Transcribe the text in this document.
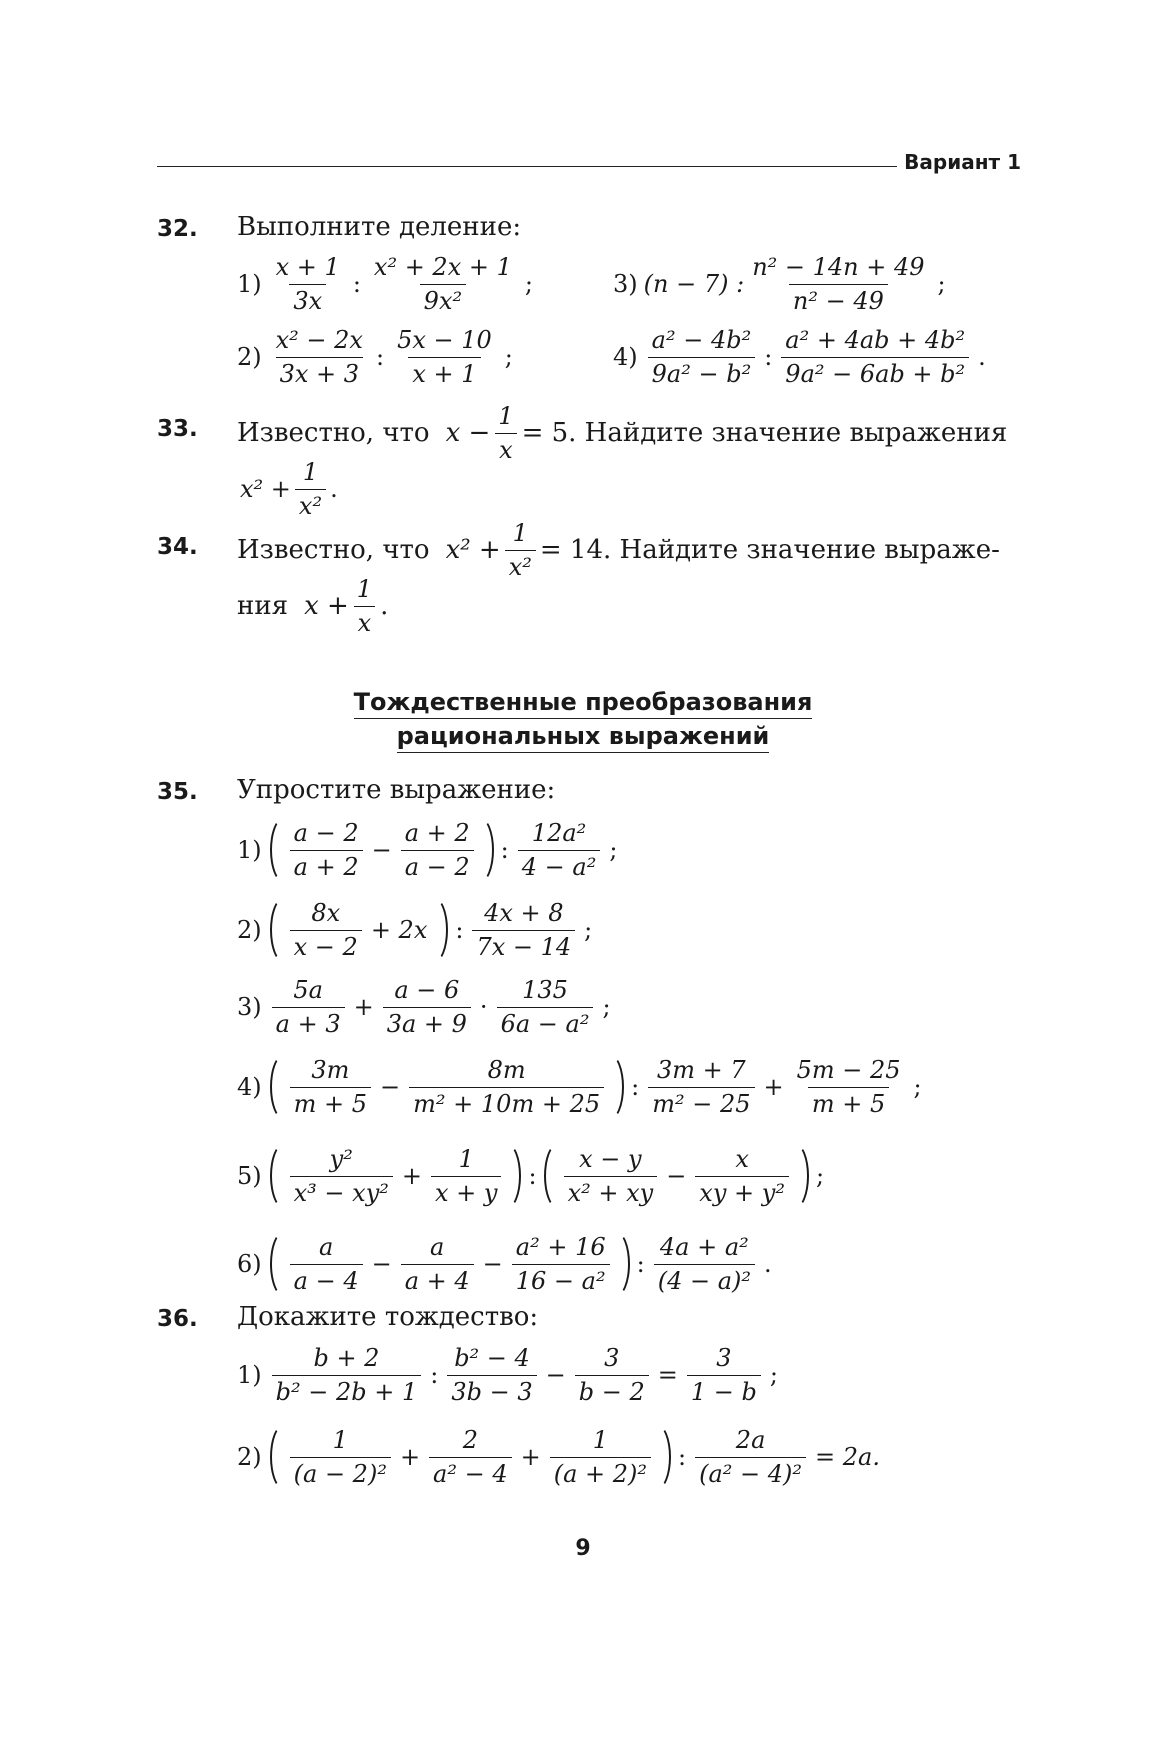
Вариант 1
32. Выполните деление:
$1) \frac{x + 1}{3x}$ : $\frac{\text{x² + 2x + 1}}{\text{9x²}}$ ;
$2) \frac{\text{x² − 2x}}{3x + 3}$ : $\frac{5x - 10}{x + 1}$ ;
3) (n − 7) : $\frac{\text{n² − 14n + 49}}{\text{n² − 49}}$ ;
$4) \frac{\text{a² − 4b²}}{\text{9a² − b²}}$ : $\frac{\text{a² + 4ab + 4b²}}{\text{9a² − 6ab + b²}}$ .
33. Известно, что $x - \frac{1}{x} = 5$. Найдите значение выражения
$x^2 + \frac{1}{\text{x²}}$ .
34. Известно, что $x^2 + \frac{1}{\text{x²}} = 14$. Найдите значение выраже-
ния $x + \frac{1}{x}$ .
Тождественные преобразования
рациональных выражений
35. Упростите выражение:
$1) \frac{a - 2}{a + 2} - \frac{a + 2}{a - 2}$ : $\frac{\text{12a²}}{\text{4 − a²}}$ ;
$2) \frac{8x}{x - 2} + 2x$ : $\frac{4x + 8}{7x - 14}$ ;
$3) \frac{5a}{a + 3} + \frac{a - 6}{3a + 9} \cdot \frac{135}{\text{6a − a²}}$ ;
$4) \frac{3m}{m + 5} - \frac{8m}{\text{m² + 10m + 25}}$ : $\frac{3m + 7}{\text{m² − 25}} + \frac{5m - 25}{m + 5}$ ;
$5) \frac{\text{y²}}{\text{x³ − xy²}} + \frac{1}{x + y}$ : $\frac{x - y}{\text{x² + xy}} - \frac{x}{\text{xy + y²}}$ ;
$6) \frac{a}{a - 4} - \frac{a}{a + 4} - \frac{\text{a² + 16}}{\text{16 − a²}}$ : $\frac{\text{4a + a²}}{\text{(4 − a)²}}$ .
36. Докажите тождество:
$1) \frac{b + 2}{\text{b² − 2b + 1}}$ : $\frac{\text{b² − 4}}{3b - 3} - \frac{3}{b - 2} = \frac{3}{1 - b}$ ;
$2) \frac{1}{\text{(a − 2)²}} + \frac{2}{\text{a² − 4}} + \frac{1}{\text{(a + 2)²}}$ : $\frac{2a}{\text{(a² − 4)²}} = 2a$.
9
